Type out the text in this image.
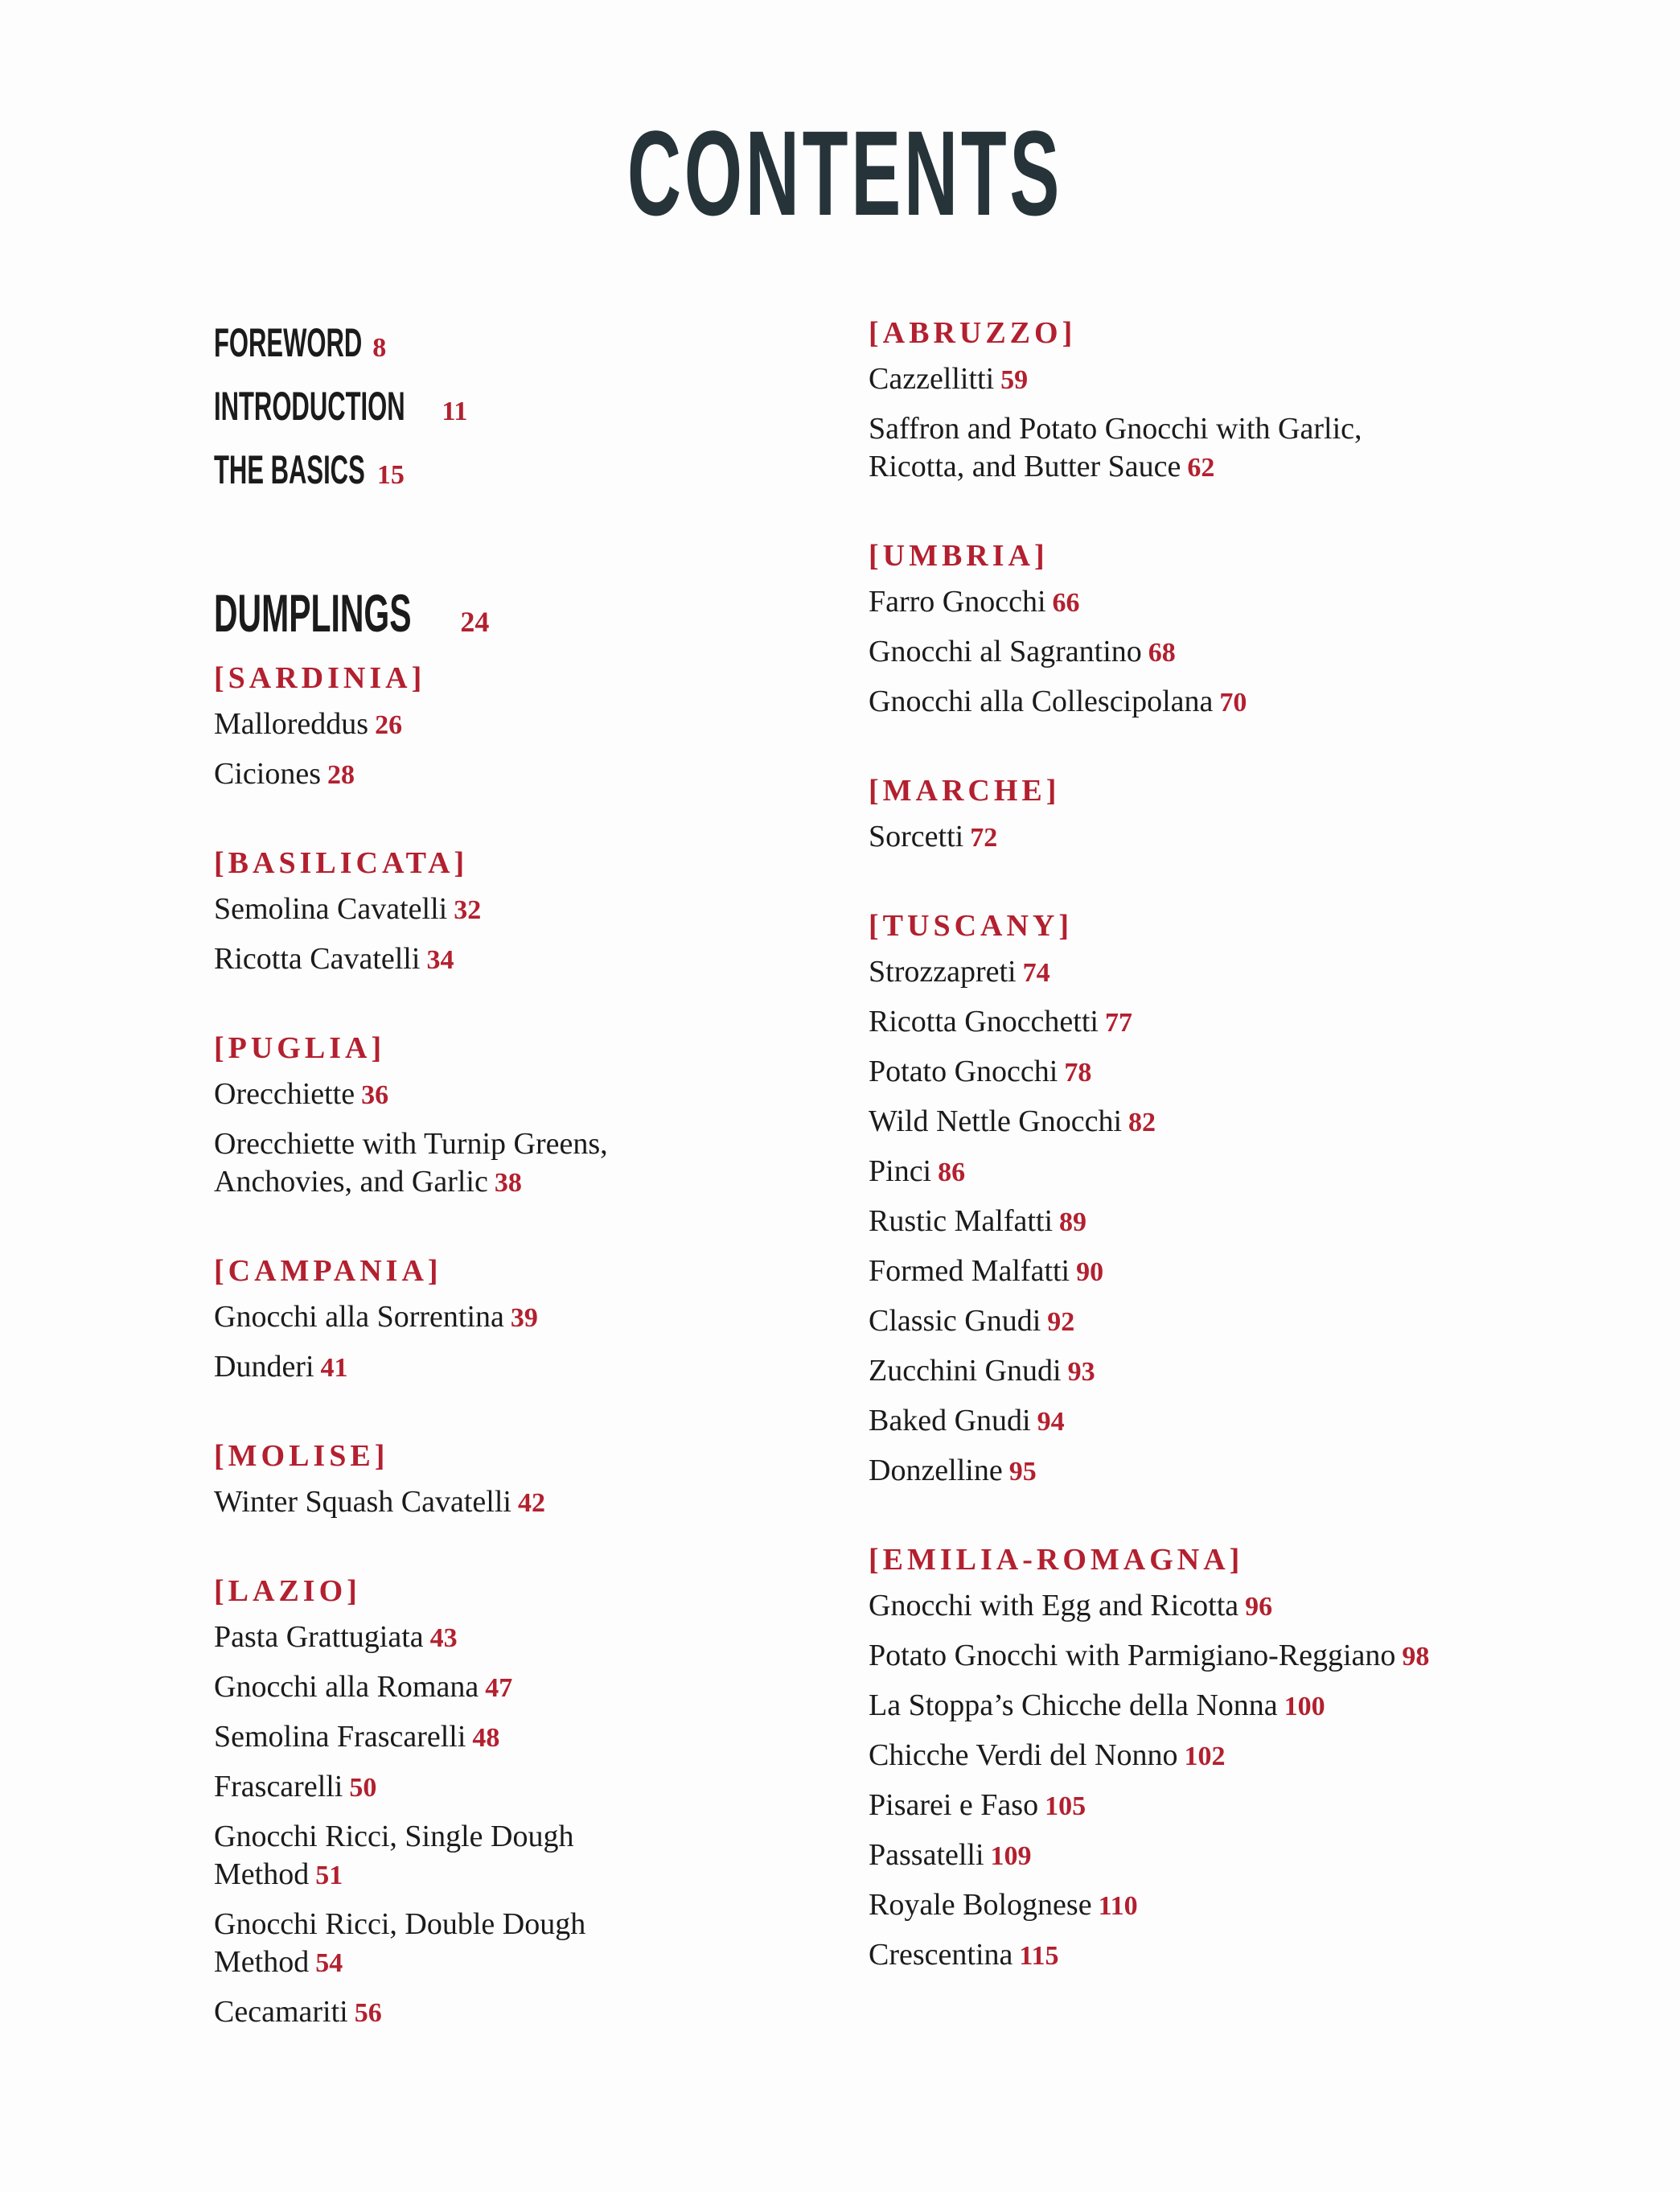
CONTENTS
FOREWORD 8
INTRODUCTION 11
THE BASICS 15
DUMPLINGS 24
[SARDINIA]
Malloreddus 26
Ciciones 28
[BASILICATA]
Semolina Cavatelli 32
Ricotta Cavatelli 34
[PUGLIA]
Orecchiette 36
Orecchiette with Turnip Greens, Anchovies, and Garlic 38
[CAMPANIA]
Gnocchi alla Sorrentina 39
Dunderi 41
[MOLISE]
Winter Squash Cavatelli 42
[LAZIO]
Pasta Grattugiata 43
Gnocchi alla Romana 47
Semolina Frascarelli 48
Frascarelli 50
Gnocchi Ricci, Single Dough Method 51
Gnocchi Ricci, Double Dough Method 54
Cecamariti 56
[ABRUZZO]
Cazzellitti 59
Saffron and Potato Gnocchi with Garlic, Ricotta, and Butter Sauce 62
[UMBRIA]
Farro Gnocchi 66
Gnocchi al Sagrantino 68
Gnocchi alla Collescipolana 70
[MARCHE]
Sorcetti 72
[TUSCANY]
Strozzapreti 74
Ricotta Gnocchetti 77
Potato Gnocchi 78
Wild Nettle Gnocchi 82
Pinci 86
Rustic Malfatti 89
Formed Malfatti 90
Classic Gnudi 92
Zucchini Gnudi 93
Baked Gnudi 94
Donzelline 95
[EMILIA-ROMAGNA]
Gnocchi with Egg and Ricotta 96
Potato Gnocchi with Parmigiano-Reggiano 98
La Stoppa’s Chicche della Nonna 100
Chicche Verdi del Nonno 102
Pisarei e Faso 105
Passatelli 109
Royale Bolognese 110
Crescentina 115
